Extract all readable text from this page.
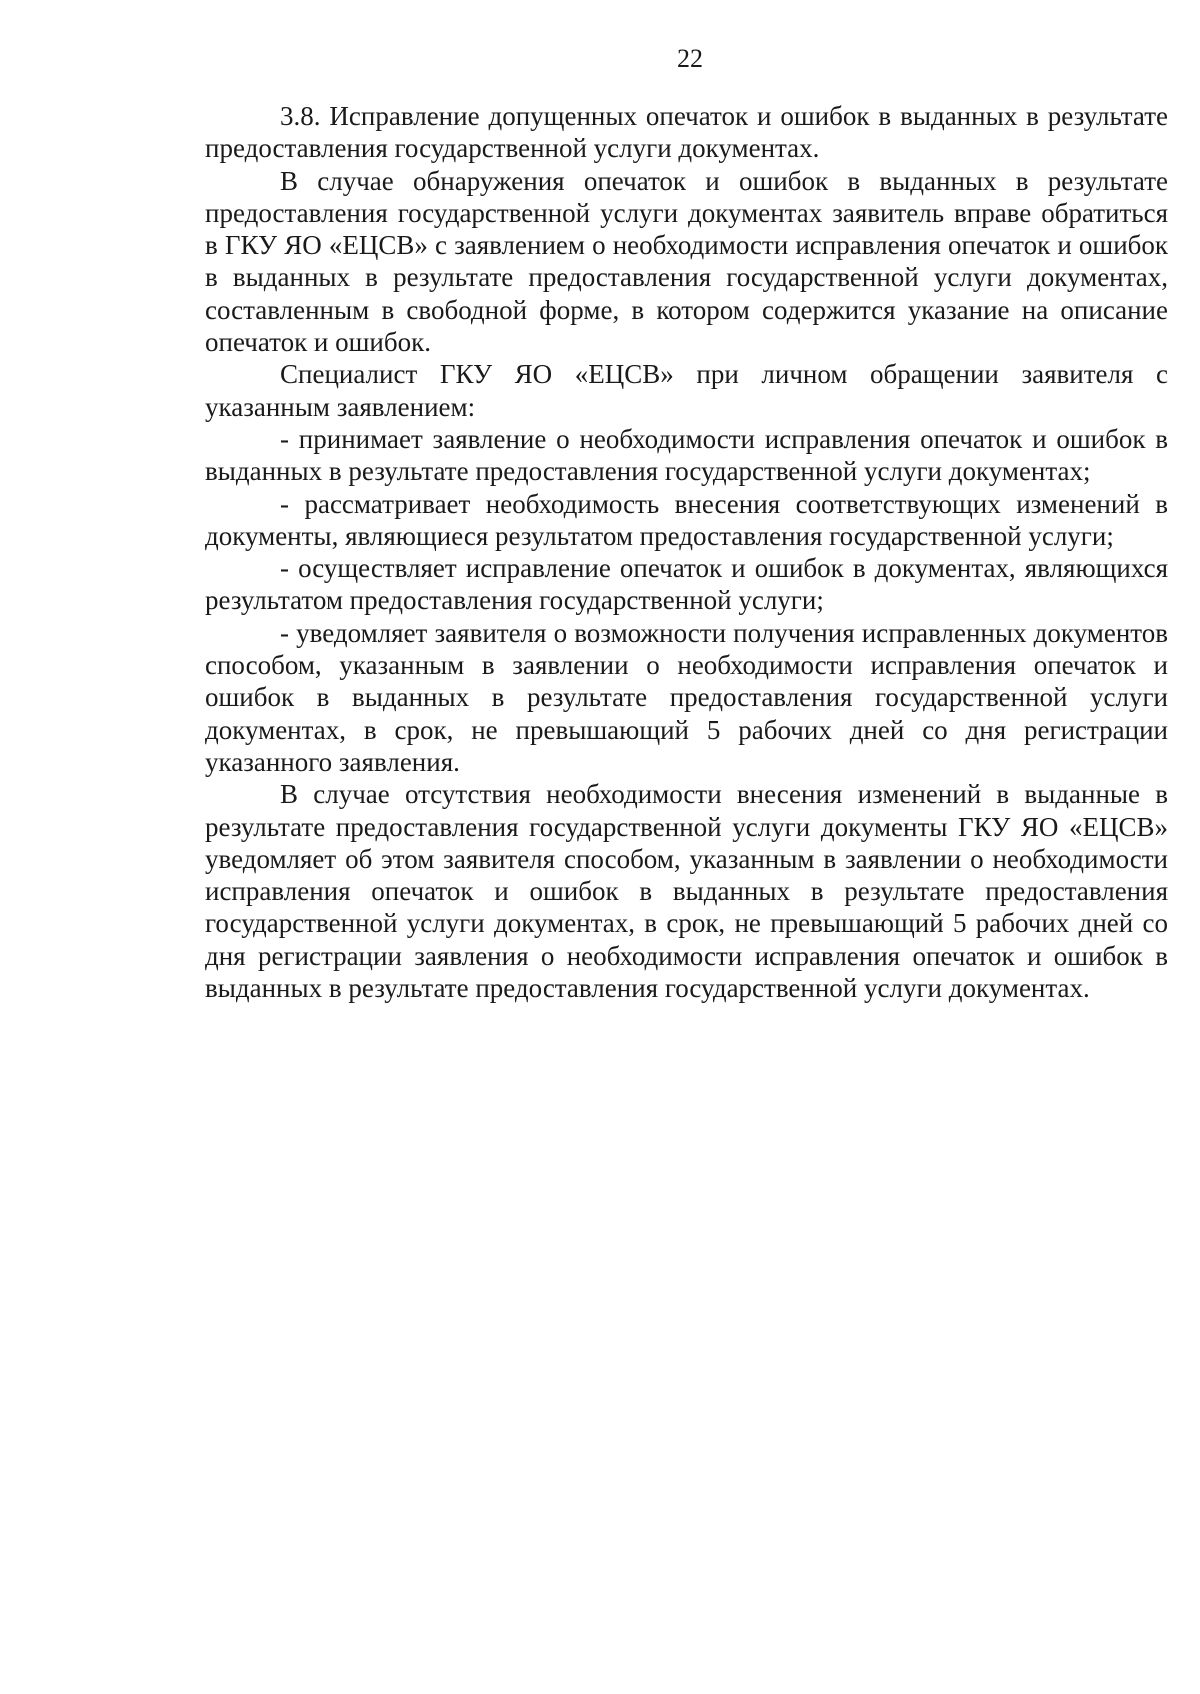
22

3.8. Исправление допущенных опечаток и ошибок в выданных в результате предоставления государственной услуги документах.

В случае обнаружения опечаток и ошибок в выданных в результате предоставления государственной услуги документах заявитель вправе обратиться в ГКУ ЯО «ЕЦСВ» с заявлением о необходимости исправления опечаток и ошибок в выданных в результате предоставления государственной услуги документах, составленным в свободной форме, в котором содержится указание на описание опечаток и ошибок.

Специалист ГКУ ЯО «ЕЦСВ» при личном обращении заявителя с указанным заявлением:

- принимает заявление о необходимости исправления опечаток и ошибок в выданных в результате предоставления государственной услуги документах;

- рассматривает необходимость внесения соответствующих изменений в документы, являющиеся результатом предоставления государственной услуги;

- осуществляет исправление опечаток и ошибок в документах, являющихся результатом предоставления государственной услуги;

- уведомляет заявителя о возможности получения исправленных документов способом, указанным в заявлении о необходимости исправления опечаток и ошибок в выданных в результате предоставления государственной услуги документах, в срок, не превышающий 5 рабочих дней со дня регистрации указанного заявления.

В случае отсутствия необходимости внесения изменений в выданные в результате предоставления государственной услуги документы ГКУ ЯО «ЕЦСВ» уведомляет об этом заявителя способом, указанным в заявлении о необходимости исправления опечаток и ошибок в выданных в результате предоставления государственной услуги документах, в срок, не превышающий 5 рабочих дней со дня регистрации заявления о необходимости исправления опечаток и ошибок в выданных в результате предоставления государственной услуги документах.
